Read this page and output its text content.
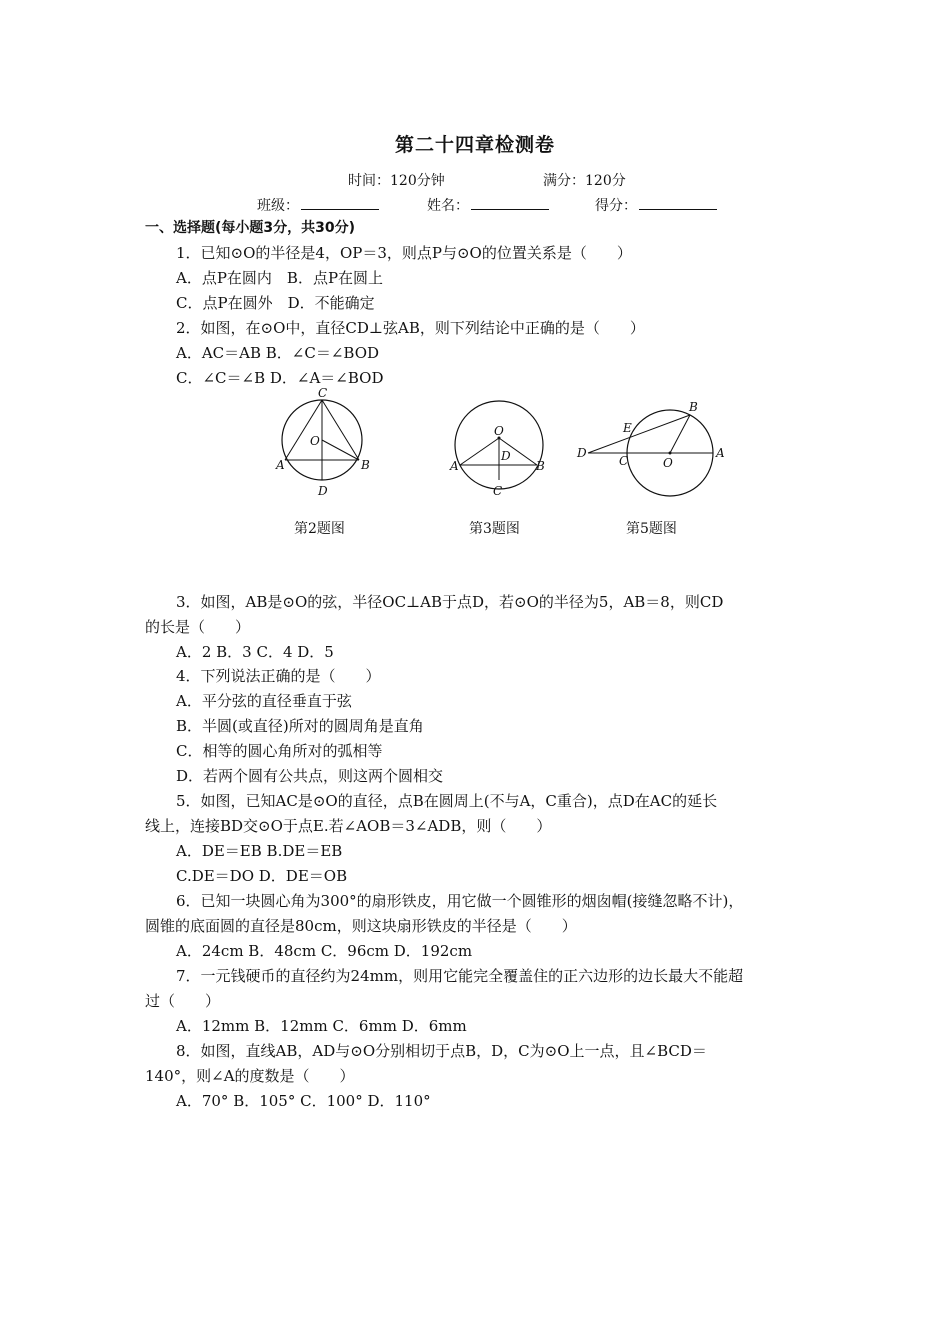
第二十四章检测卷
时间：120分钟	满分：120分
班级：	姓名：	得分：
一、选择题(每小题3分，共30分)
1．已知⊙O的半径是4，OP＝3，则点P与⊙O的位置关系是（　　）
A．点P在圆内　B．点P在圆上
C．点P在圆外　D．不能确定
2．如图，在⊙O中，直径CD⊥弦AB，则下列结论中正确的是（　　）
A．AC＝AB B．∠C＝∠BOD
C．∠C＝∠B D．∠A＝∠BOD
C
O
A	B
D
O
D
A	B
C
B
E
D
C	O
A
第2题图	第3题图	第5题图
3．如图，AB是⊙O的弦，半径OC⊥AB于点D，若⊙O的半径为5，AB＝8，则CD
的长是（　　）
A．2 B．3 C．4 D．5
4．下列说法正确的是（　　）
A．平分弦的直径垂直于弦
B．半圆(或直径)所对的圆周角是直角
C．相等的圆心角所对的弧相等
D．若两个圆有公共点，则这两个圆相交
5．如图，已知AC是⊙O的直径，点B在圆周上(不与A，C重合)，点D在AC的延长
线上，连接BD交⊙O于点E.若∠AOB＝3∠ADB，则（　　）
A．DE＝EB B.DE＝EB
C.DE＝DO D．DE＝OB
6．已知一块圆心角为300°的扇形铁皮，用它做一个圆锥形的烟囱帽(接缝忽略不计)，
圆锥的底面圆的直径是80cm，则这块扇形铁皮的半径是（　　）
A．24cm B．48cm C．96cm D．192cm
7．一元钱硬币的直径约为24mm，则用它能完全覆盖住的正六边形的边长最大不能超
过（　　）
A．12mm B．12mm C．6mm D．6mm
8．如图，直线AB，AD与⊙O分别相切于点B，D，C为⊙O上一点，且∠BCD＝
140°，则∠A的度数是（　　）
A．70° B．105° C．100° D．110°
